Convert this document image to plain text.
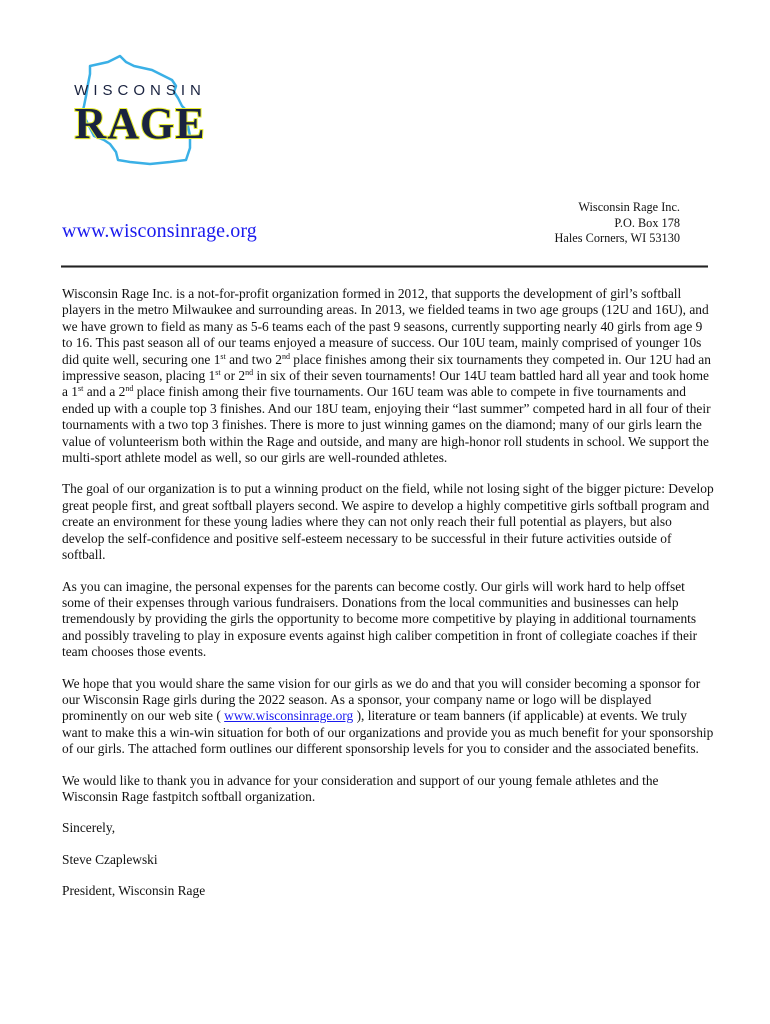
WISCONSIN
RAGE
www.wisconsinrage.org
Wisconsin Rage Inc.
P.O. Box 178
Hales Corners, WI 53130

Wisconsin Rage Inc. is a not-for-profit organization formed in 2012, that supports the development of girl’s softball players in the metro Milwaukee and surrounding areas. In 2013, we fielded teams in two age groups (12U and 16U), and we have grown to field as many as 5-6 teams each of the past 9 seasons, currently supporting nearly 40 girls from age 9 to 16. This past season all of our teams enjoyed a measure of success. Our 10U team, mainly comprised of younger 10s did quite well, securing one 1st and two 2nd place finishes among their six tournaments they competed in. Our 12U had an impressive season, placing 1st or 2nd in six of their seven tournaments! Our 14U team battled hard all year and took home a 1st and a 2nd place finish among their five tournaments. Our 16U team was able to compete in five tournaments and ended up with a couple top 3 finishes. And our 18U team, enjoying their “last summer” competed hard in all four of their tournaments with a two top 3 finishes. There is more to just winning games on the diamond; many of our girls learn the value of volunteerism both within the Rage and outside, and many are high-honor roll students in school. We support the multi-sport athlete model as well, so our girls are well-rounded athletes.

The goal of our organization is to put a winning product on the field, while not losing sight of the bigger picture: Develop great people first, and great softball players second. We aspire to develop a highly competitive girls softball program and create an environment for these young ladies where they can not only reach their full potential as players, but also develop the self-confidence and positive self-esteem necessary to be successful in their future activities outside of softball.

As you can imagine, the personal expenses for the parents can become costly. Our girls will work hard to help offset some of their expenses through various fundraisers. Donations from the local communities and businesses can help tremendously by providing the girls the opportunity to become more competitive by playing in additional tournaments and possibly traveling to play in exposure events against high caliber competition in front of collegiate coaches if their team chooses those events.

We hope that you would share the same vision for our girls as we do and that you will consider becoming a sponsor for our Wisconsin Rage girls during the 2022 season. As a sponsor, your company name or logo will be displayed prominently on our web site ( www.wisconsinrage.org ), literature or team banners (if applicable) at events. We truly want to make this a win-win situation for both of our organizations and provide you as much benefit for your sponsorship of our girls. The attached form outlines our different sponsorship levels for you to consider and the associated benefits.

We would like to thank you in advance for your consideration and support of our young female athletes and the Wisconsin Rage fastpitch softball organization.

Sincerely,

Steve Czaplewski

President, Wisconsin Rage
